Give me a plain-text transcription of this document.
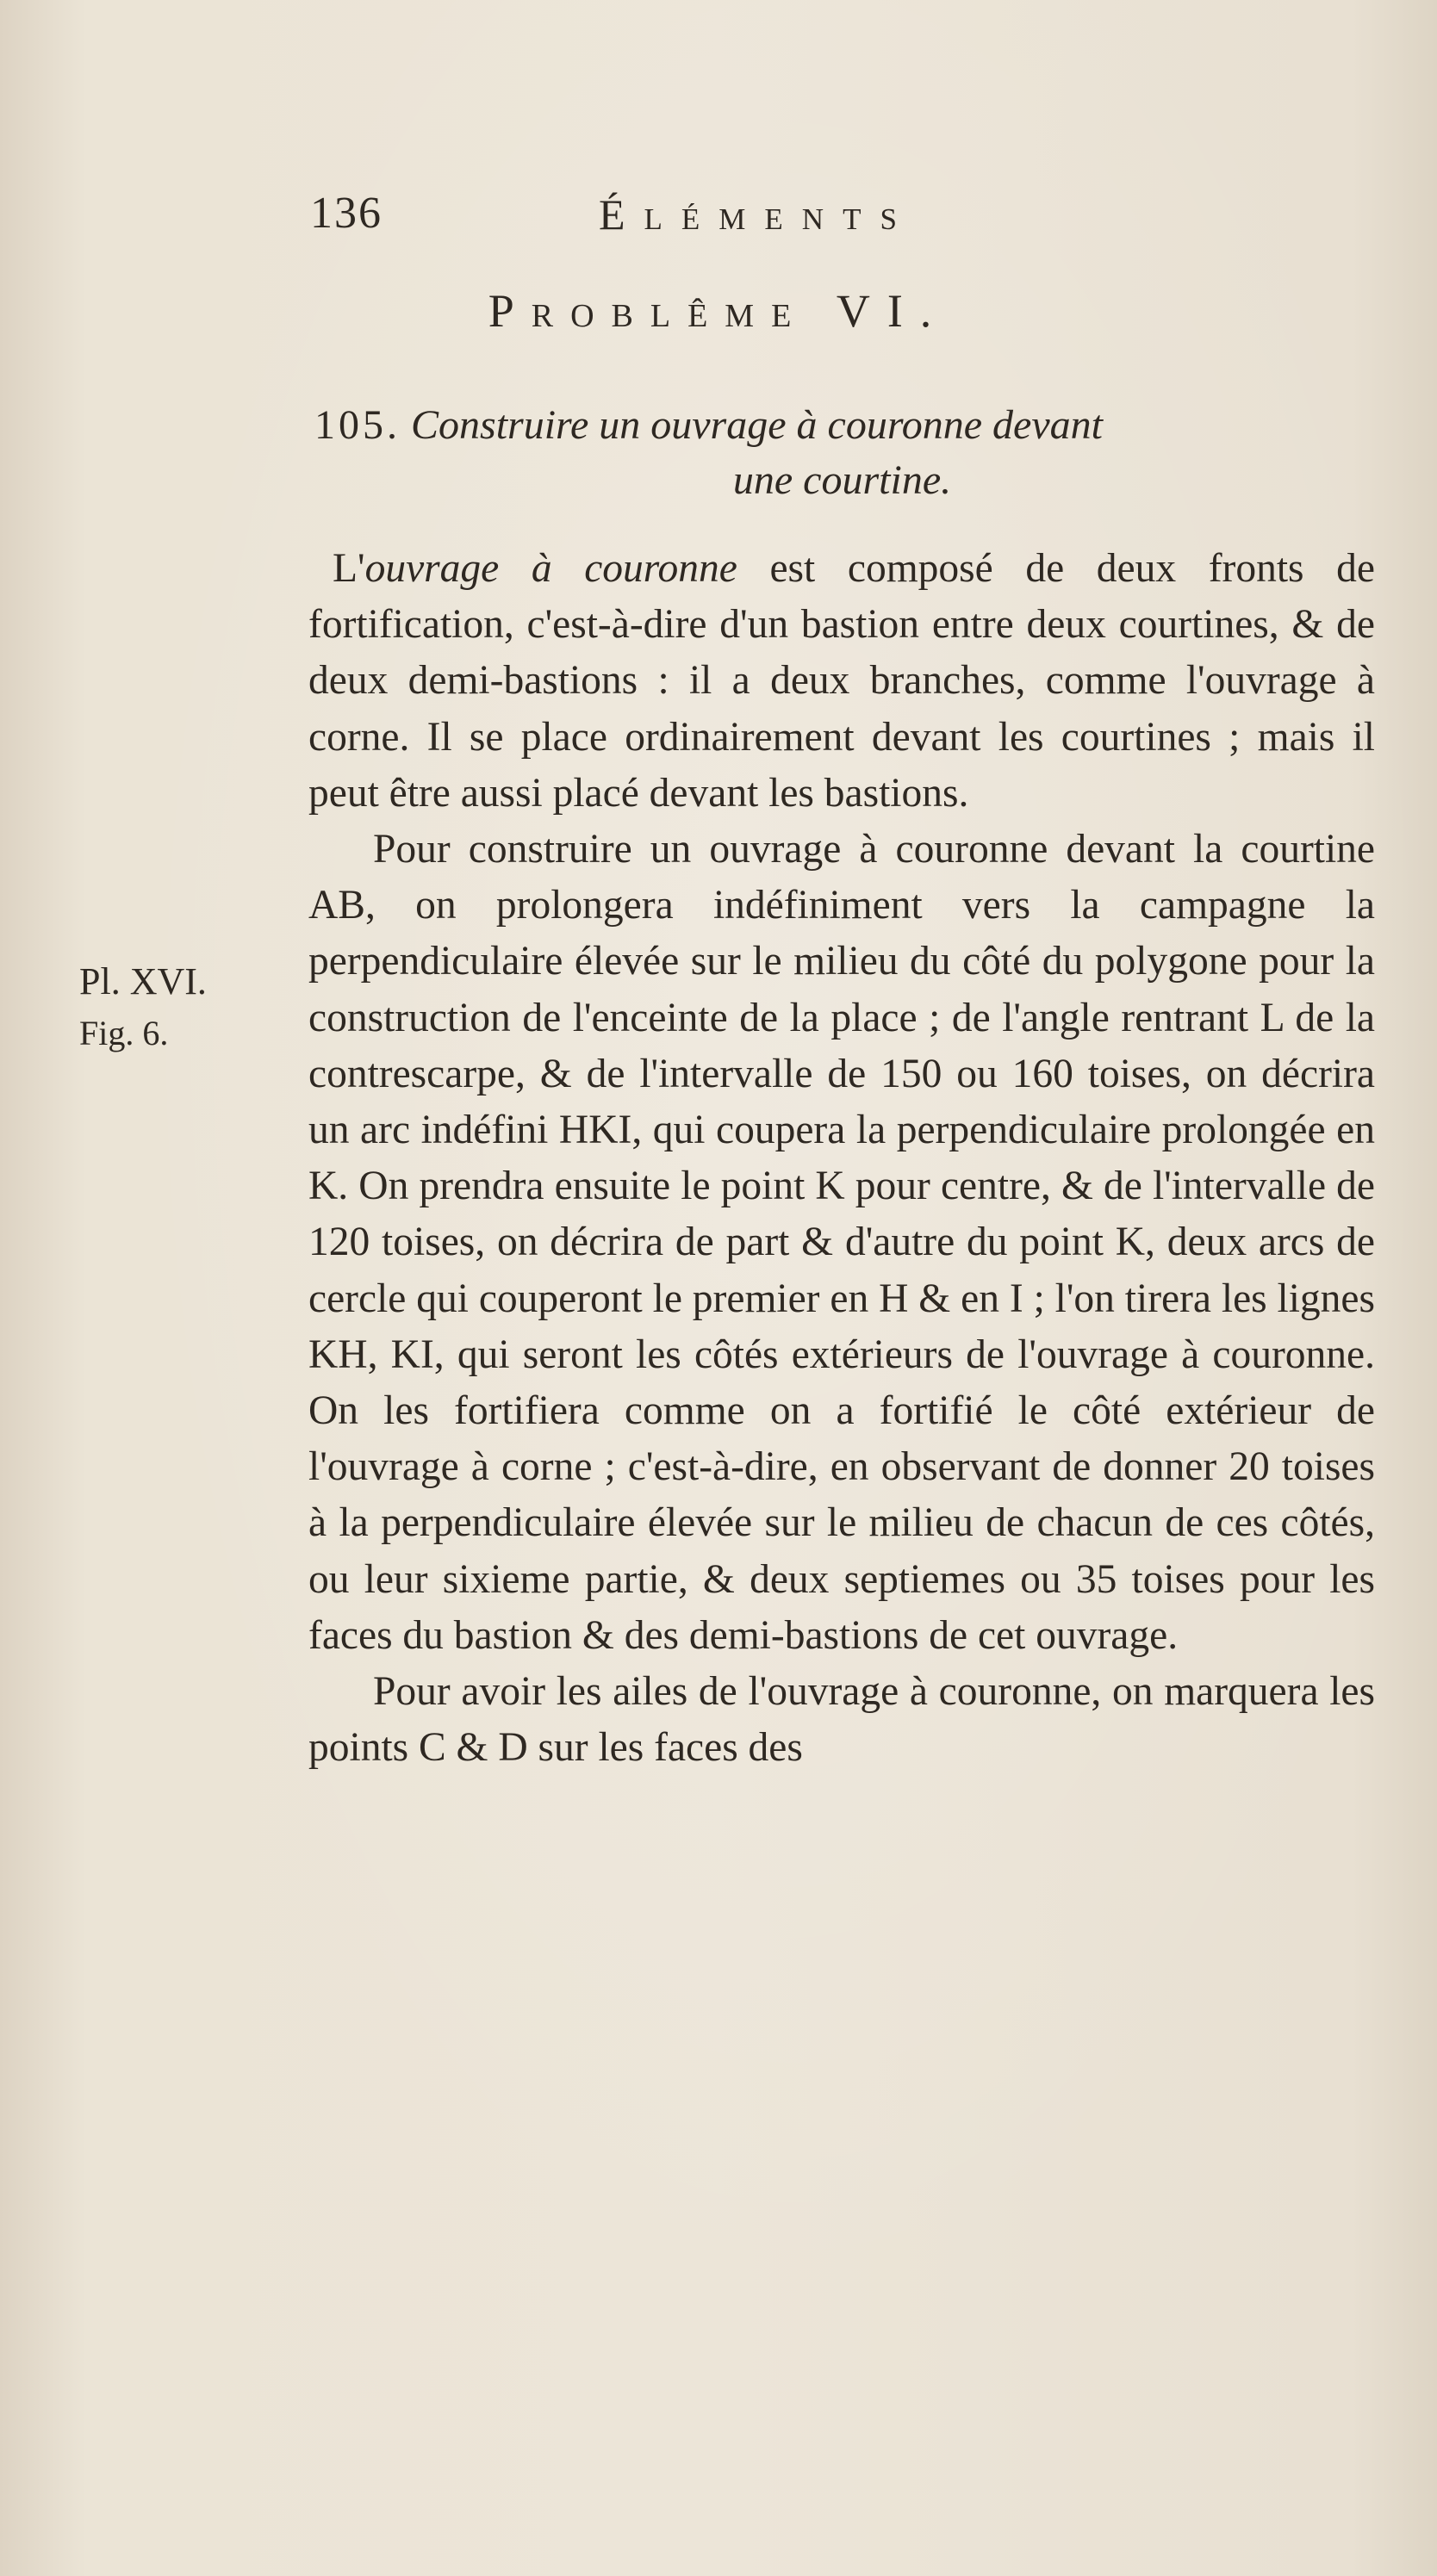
136	Éléments
Problême VI.
105. Construire un ouvrage à couronne devant
une courtine.
Pl. XVI.
Fig. 6.

L'ouvrage à couronne est composé de deux fronts de fortification, c'est-à-dire d'un bastion entre deux courtines, & de deux demi-bastions : il a deux branches, comme l'ouvrage à corne. Il se place ordinairement devant les courtines ; mais il peut être aussi placé devant les bastions.

Pour construire un ouvrage à couronne devant la courtine AB, on prolongera indéfiniment vers la campagne la perpendiculaire élevée sur le milieu du côté du polygone pour la construction de l'enceinte de la place ; de l'angle rentrant L de la contrescarpe, & de l'intervalle de 150 ou 160 toises, on décrira un arc indéfini HKI, qui coupera la perpendiculaire prolongée en K. On prendra ensuite le point K pour centre, & de l'intervalle de 120 toises, on décrira de part & d'autre du point K, deux arcs de cercle qui couperont le premier en H & en I ; l'on tirera les lignes KH, KI, qui seront les côtés extérieurs de l'ouvrage à couronne. On les fortifiera comme on a fortifié le côté extérieur de l'ouvrage à corne ; c'est-à-dire, en observant de donner 20 toises à la perpendiculaire élevée sur le milieu de chacun de ces côtés, ou leur sixieme partie, & deux septiemes ou 35 toises pour les faces du bastion & des demi-bastions de cet ouvrage.

Pour avoir les ailes de l'ouvrage à couronne, on marquera les points C & D sur les faces des
